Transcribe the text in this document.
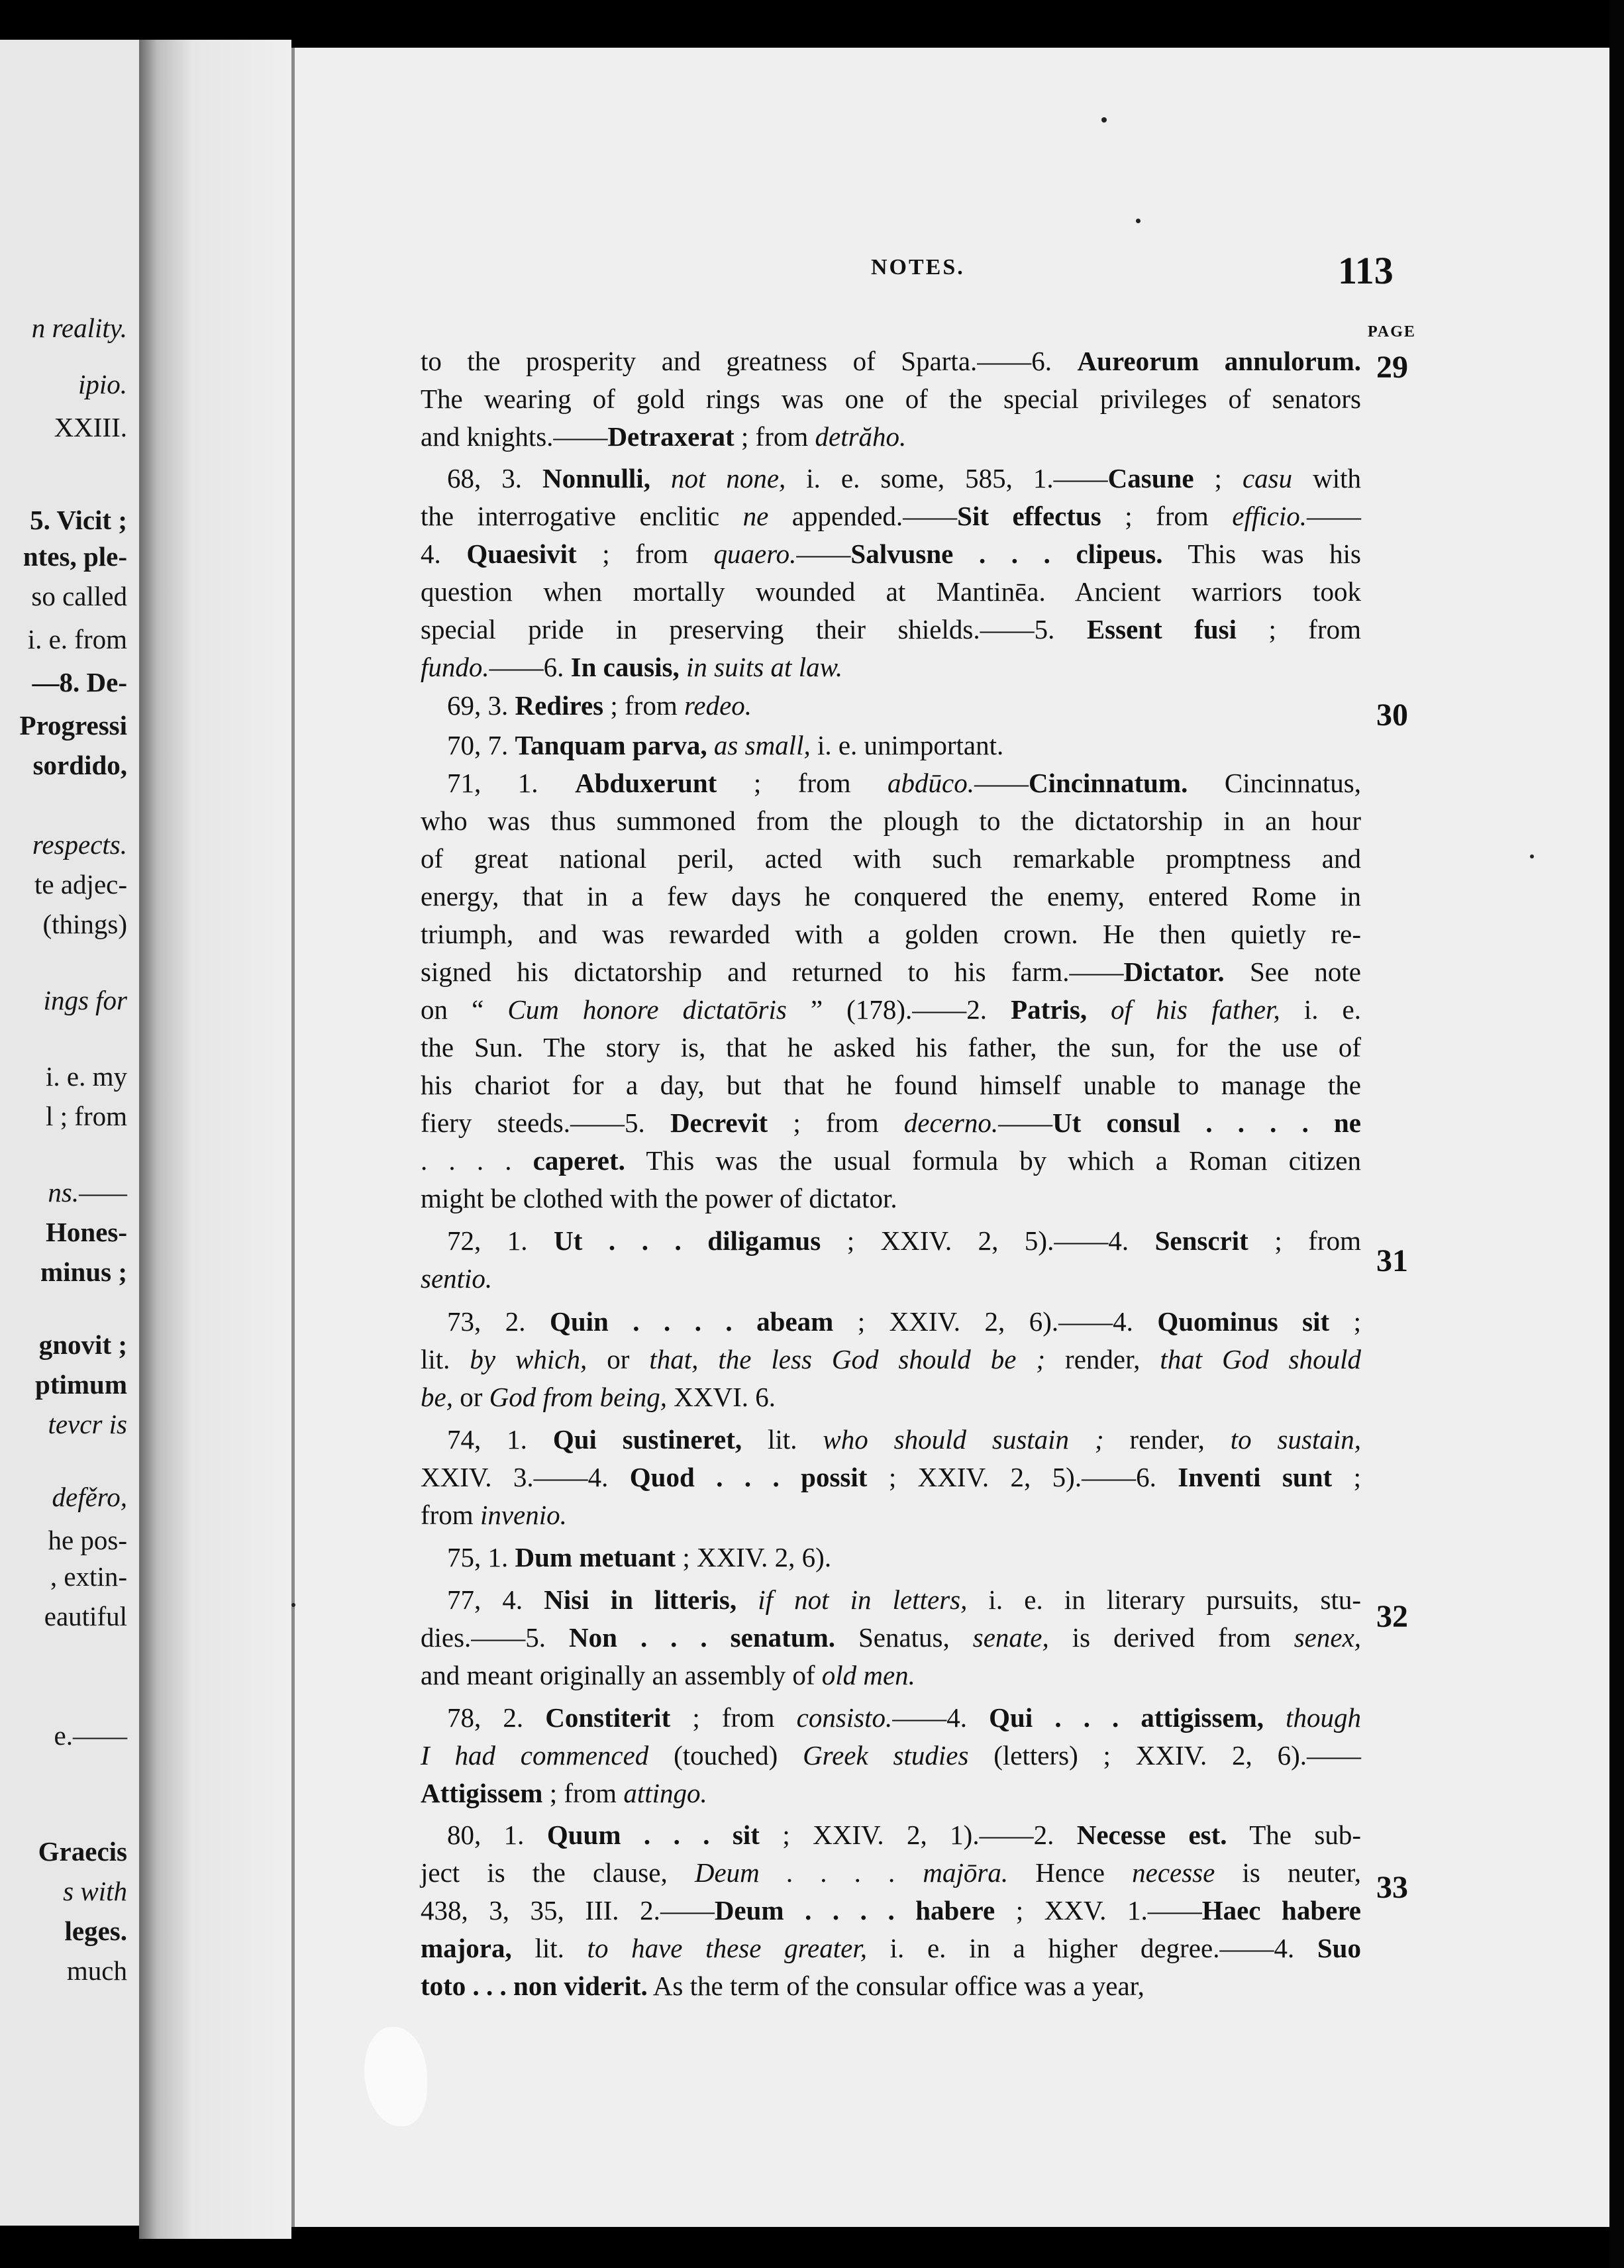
n reality.
ipio.
XXIII.
5. Vicit ;
ntes, ple-
so called
i. e. from
—8. De-
Progressi
sordido,
respects.
te adjec-
(things)
ings for
i. e. my
l ; from
ns.——
Hones-
minus ;
gnovit ;
ptimum
tevcr is
defěro,
he pos-
, extin-
eautiful
e.——
Graecis
s with
leges.
much
NOTES.	113
PAGE
29
30
31
32
33
to the prosperity and greatness of Sparta.——6. Aureorum annulorum.
The wearing of gold rings was one of the special privileges of senators
and knights.——Detraxerat ; from detrăho.
68, 3. Nonnulli, not none, i. e. some, 585, 1.——Casune ; casu with
the interrogative enclitic ne appended.——Sit effectus ; from efficio.——
4. Quaesivit ; from quaero.——Salvusne . . . clipeus. This was his
question when mortally wounded at Mantinēa. Ancient warriors took
special pride in preserving their shields.——5. Essent fusi ; from
fundo.——6. In causis, in suits at law.
69, 3. Redires ; from redeo.
70, 7. Tanquam parva, as small, i. e. unimportant.
71, 1. Abduxerunt ; from abdūco.——Cincinnatum. Cincinnatus,
who was thus summoned from the plough to the dictatorship in an hour
of great national peril, acted with such remarkable promptness and
energy, that in a few days he conquered the enemy, entered Rome in
triumph, and was rewarded with a golden crown. He then quietly re-
signed his dictatorship and returned to his farm.——Dictator. See note
on “ Cum honore dictatōris ” (178).——2. Patris, of his father, i. e.
the Sun. The story is, that he asked his father, the sun, for the use of
his chariot for a day, but that he found himself unable to manage the
fiery steeds.——5. Decrevit ; from decerno.——Ut consul . . . . ne
. . . . caperet. This was the usual formula by which a Roman citizen
might be clothed with the power of dictator.
72, 1. Ut . . . diligamus ; XXIV. 2, 5).——4. Senscrit ; from
sentio.
73, 2. Quin . . . . abeam ; XXIV. 2, 6).——4. Quominus sit ;
lit. by which, or that, the less God should be ; render, that God should
be, or God from being, XXVI. 6.
74, 1. Qui sustineret, lit. who should sustain ; render, to sustain,
XXIV. 3.——4. Quod . . . possit ; XXIV. 2, 5).——6. Inventi sunt ;
from invenio.
75, 1. Dum metuant ; XXIV. 2, 6).
77, 4. Nisi in litteris, if not in letters, i. e. in literary pursuits, stu-
dies.——5. Non . . . senatum. Senatus, senate, is derived from senex,
and meant originally an assembly of old men.
78, 2. Constiterit ; from consisto.——4. Qui . . . attigissem, though
I had commenced (touched) Greek studies (letters) ; XXIV. 2, 6).——
Attigissem ; from attingo.
80, 1. Quum . . . sit ; XXIV. 2, 1).——2. Necesse est. The sub-
ject is the clause, Deum . . . . majōra. Hence necesse is neuter,
438, 3, 35, III. 2.——Deum . . . . habere ; XXV. 1.——Haec habere
majora, lit. to have these greater, i. e. in a higher degree.——4. Suo
toto . . . non viderit. As the term of the consular office was a year,
